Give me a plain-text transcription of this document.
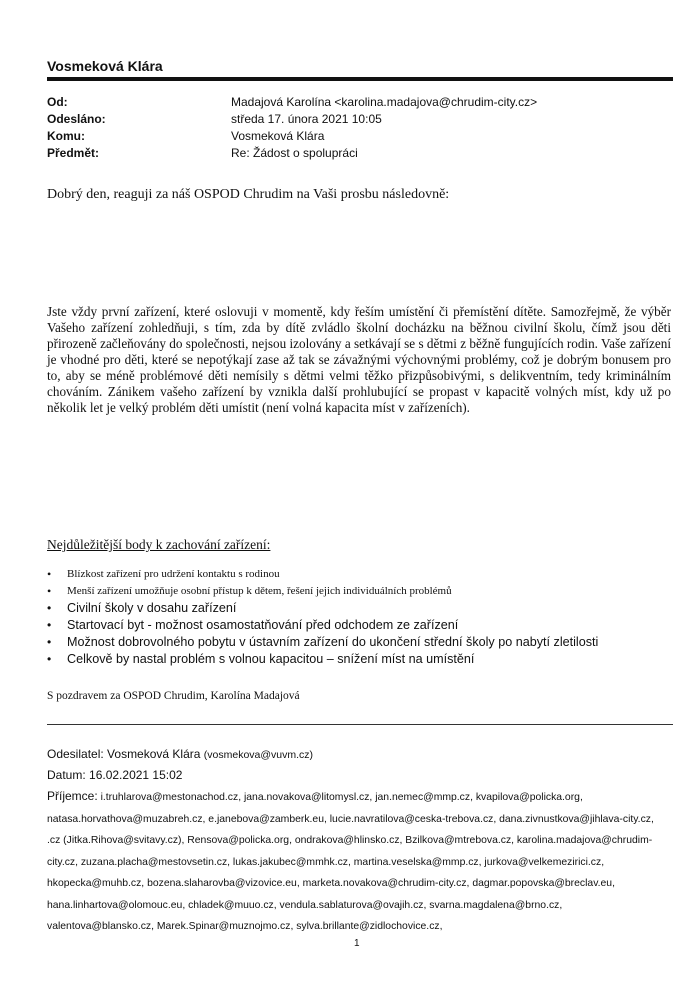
Vosmeková Klára
Od:	Madajová Karolína <karolina.madajova@chrudim-city.cz>
Odesláno:	středa 17. února 2021 10:05
Komu:	Vosmeková Klára
Předmět:	Re: Žádost o spolupráci
Dobrý den, reaguji za náš OSPOD Chrudim na Vaši prosbu následovně:
Jste vždy první zařízení, které oslovuji v momentě, kdy řeším umístění či přemístění dítěte. Samozřejmě, že výběr Vašeho zařízení zohledňuji, s tím, zda by dítě zvládlo školní docházku na běžnou civilní školu, čímž jsou děti přirozeně začleňovány do společnosti, nejsou izolovány a setkávají se s dětmi z běžně fungujících rodin. Vaše zařízení je vhodné pro děti, které se nepotýkají zase až tak se závažnými výchovnými problémy, což je dobrým bonusem pro to, aby se méně problémové děti nemísily s dětmi velmi těžko přizpůsobivými, s delikventním, tedy kriminálním chováním. Zánikem vašeho zařízení by vznikla další prohlubující se propast v kapacitě volných míst, kdy už po několik let je velký problém děti umístit (není volná kapacita míst v zařízeních).
Nejdůležitější body k zachování zařízení:
• Blízkost zařízení pro udržení kontaktu s rodinou
• Menší zařízení umožňuje osobní přístup k dětem, řešení jejich individuálních problémů
• Civilní školy v dosahu zařízení
• Startovací byt - možnost osamostatňování před odchodem ze zařízení
• Možnost dobrovolného pobytu v ústavním zařízení do ukončení střední školy po nabytí zletilosti
• Celkově by nastal problém s volnou kapacitou – snížení míst na umístění
S pozdravem za OSPOD Chrudim, Karolína Madajová
Odesilatel: Vosmeková Klára (vosmekova@vuvm.cz)
Datum: 16.02.2021 15:02
Příjemce: i.truhlarova@mestonachod.cz, jana.novakova@litomysl.cz, jan.nemec@mmp.cz, kvapilova@policka.org, natasa.horvathova@muzabreh.cz, e.janebova@zamberk.eu, lucie.navratilova@ceska-trebova.cz, dana.zivnustkova@jihlava-city.cz, .cz (Jitka.Rihova@svitavy.cz), Rensova@policka.org, ondrakova@hlinsko.cz, Bzilkova@mtrebova.cz, karolina.madajova@chrudim-city.cz, zuzana.placha@mestovsetin.cz, lukas.jakubec@mmhk.cz, martina.veselska@mmp.cz, jurkova@velkemezirici.cz, hkopecka@muhb.cz, bozena.slaharovba@vizovice.eu, marketa.novakova@chrudim-city.cz, dagmar.popovska@breclav.eu, hana.linhartova@olomouc.eu, chladek@muuo.cz, vendula.sablaturova@ovajih.cz, svarna.magdalena@brno.cz, valentova@blansko.cz, Marek.Spinar@muznojmo.cz, sylva.brillante@zidlochovice.cz,
1
